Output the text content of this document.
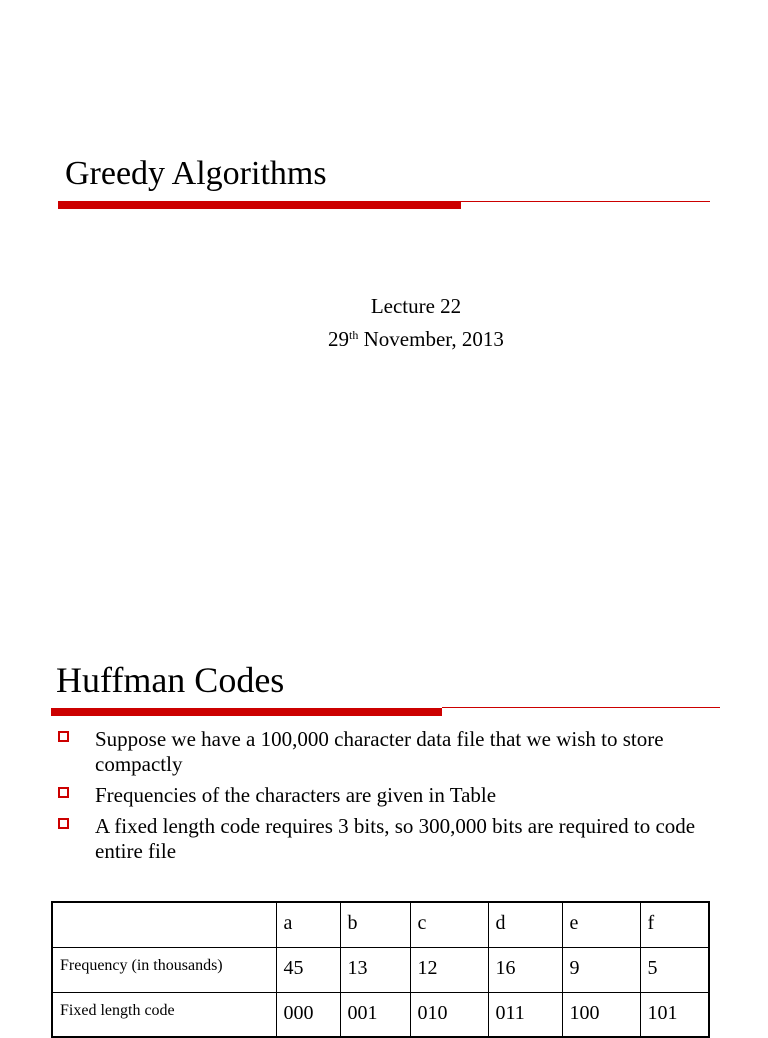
Greedy Algorithms
Lecture 22
29th November, 2013
Huffman Codes
Suppose we have a 100,000 character data file that we wish to store compactly
Frequencies of the characters are given in Table
A fixed length code requires 3 bits, so 300,000 bits are required to code entire file
	a	b	c	d	e	f
Frequency (in thousands)	45	13	12	16	9	5
Fixed length code	000	001	010	011	100	101
